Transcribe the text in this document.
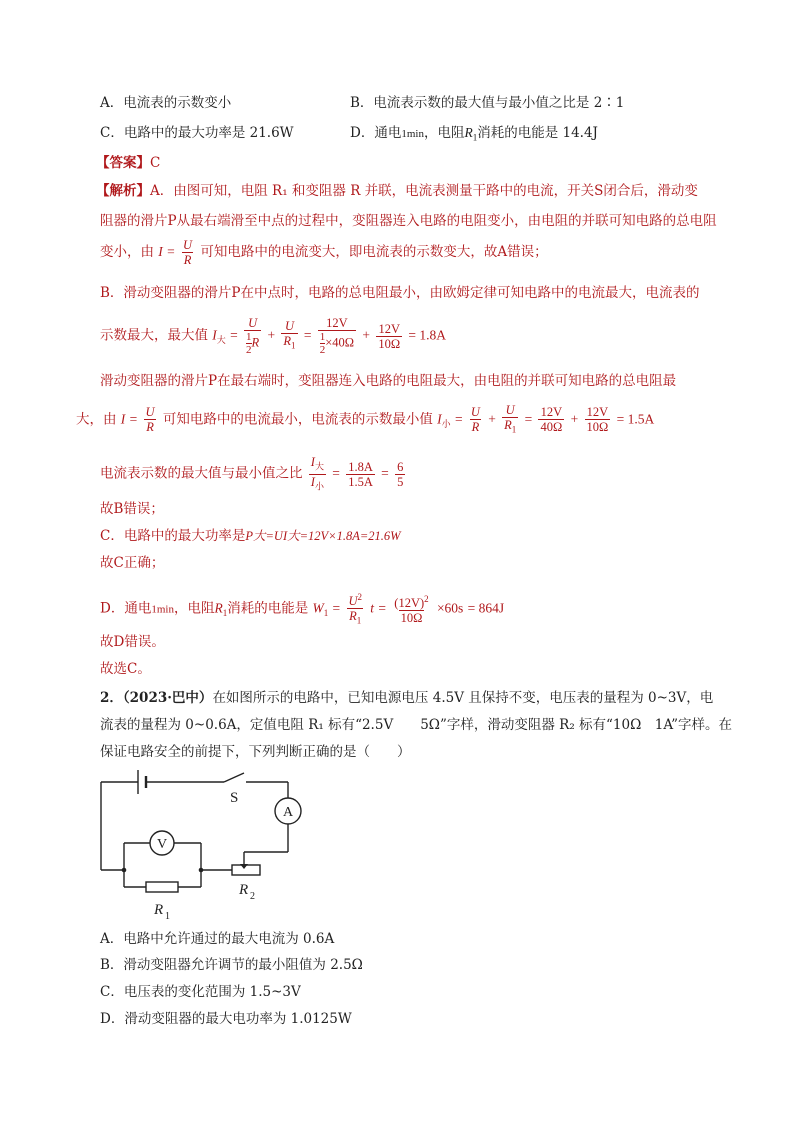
A．电流表的示数变小	B．电流表示数的最大值与最小值之比是 2∶1
C．电路中的最大功率是 21.6W	D．通电1min，电阻$R_1$消耗的电能是 14.4J
【答案】C
【解析】A．由图可知，电阻 R₁ 和变阻器 R 并联，电流表测量干路中的电流，开关S闭合后，滑动变
阻器的滑片P从最右端滑至中点的过程中，变阻器连入电路的电阻变小，由电阻的并联可知电路的总电阻
变小，由 $I = \frac{U}{R}$ 可知电路中的电流变大，即电流表的示数变大，故A错误；
B．滑动变阻器的滑片P在中点时，电路的总电阻最小，由欧姆定律可知电路中的电流最大，电流表的
示数最大，最大值 $I_大 = \frac{U}{\frac{1}{2} R} + \frac{U}{R_1} = \frac{12V}{\frac{1}{2} \times 40\Omega} + \frac{12V}{10\Omega} = 1.8A$
滑动变阻器的滑片P在最右端时，变阻器连入电路的电阻最大，由电阻的并联可知电路的总电阻最
大，由 $I = \frac{U}{R}$ 可知电路中的电流最小，电流表的示数最小值 $I_小 = \frac{U}{R} + \frac{U}{R_1} = \frac{12V}{40\Omega} + \frac{12V}{10\Omega} = 1.5A$
电流表示数的最大值与最小值之比 $\frac{I_大}{I_小} = \frac{1.8A}{1.5A} = \frac{6}{5}$
故B错误；
C．电路中的最大功率是P大=UI大=12V×1.8A=21.6W
故C正确；
D．通电1min，电阻$R_1$消耗的电能是 $W_1 = \frac{U^2}{R_1}$ $t = \frac{(12V)^2}{10\Omega} \times 60s = 864J$
故D错误。
故选C。
2．（2023·巴中）在如图所示的电路中，已知电源电压 4.5V 且保持不变，电压表的量程为 0~3V，电
流表的量程为 0~0.6A，定值电阻 R₁ 标有“2.5V　　5Ω”字样，滑动变阻器 R₂ 标有“10Ω　1A”字样。在
保证电路安全的前提下，下列判断正确的是（　　）
S
A
V
R 1
R 2
A．电路中允许通过的最大电流为 0.6A
B．滑动变阻器允许调节的最小阻值为 2.5Ω
C．电压表的变化范围为 1.5~3V
D．滑动变阻器的最大电功率为 1.0125W
